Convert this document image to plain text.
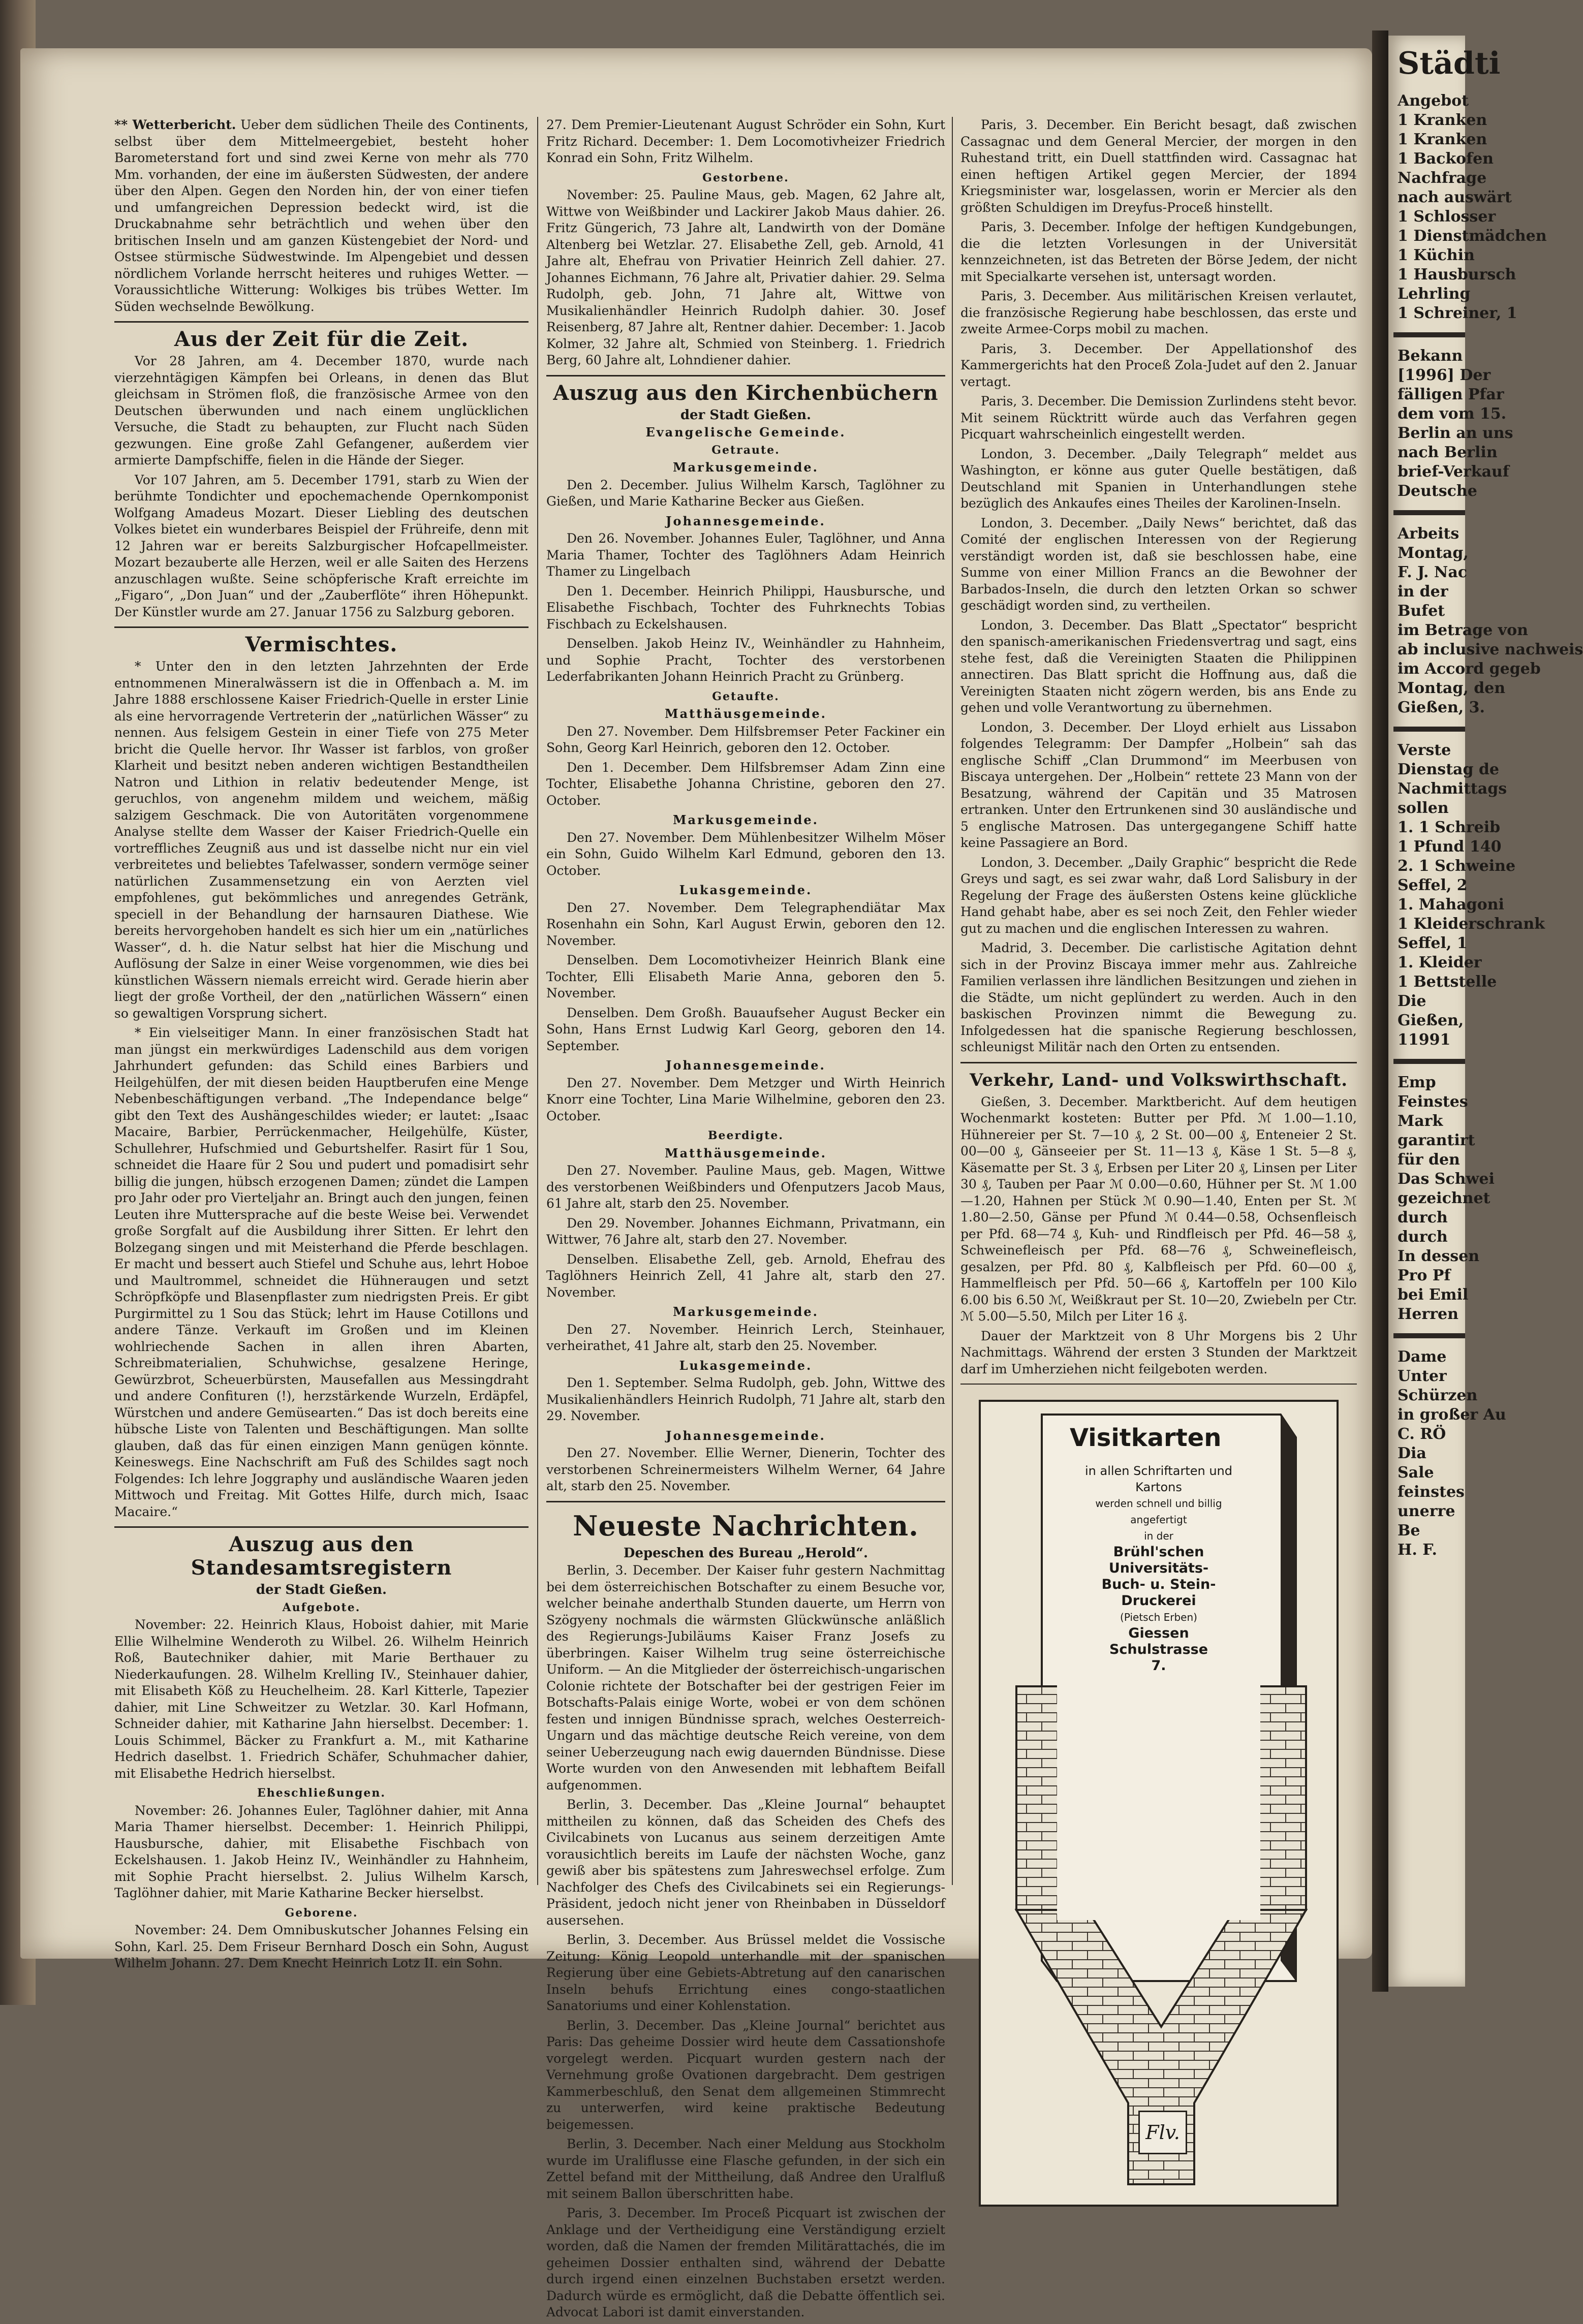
Städti
Angebot
1 Kranken
1 Kranken
1 Backofen
Nachfrage
nach auswärt
1 Schlosser
1 Dienstmädchen
1 Küchin
1 Hausbursch
Lehrling
1 Schreiner, 1
Bekann
[1996] Der
fälligen Pfar
dem vom 15.
Berlin an uns
nach Berlin
brief-Verkauf
Deutsche
Arbeits
Montag,
F. J. Nac
in der
Bufet
im Betrage von
ab inclusive nachweis
im Accord gegeb
Montag, den
Gießen, 3.
Verste
Dienstag de
Nachmittags
sollen
1. 1 Schreib
1 Pfund 140
2. 1 Schweine
Seffel, 2
1. Mahagoni
1 Kleiderschrank
Seffel, 1
1. Kleider
1 Bettstelle
Die
Gießen,
11991
Emp
Feinstes
Mark
garantirt
für den
Das Schwei
gezeichnet
durch
durch
In dessen
Pro Pf
bei Emil
Herren
Dame
Unter
Schürzen
in großer Au
C. RÖ
Dia
Sale
feinstes
unerre
Be
H. F.

** Wetterbericht. Ueber dem südlichen Theile des Continents, selbst über dem Mittelmeergebiet, besteht hoher Barometerstand fort und sind zwei Kerne von mehr als 770 Mm. vorhanden, der eine im äußersten Südwesten, der andere über den Alpen. Gegen den Norden hin, der von einer tiefen und umfangreichen Depression bedeckt wird, ist die Druckabnahme sehr beträchtlich und wehen über den britischen Inseln und am ganzen Küstengebiet der Nord- und Ostsee stürmische Südwestwinde. Im Alpengebiet und dessen nördlichem Vorlande herrscht heiteres und ruhiges Wetter. — Voraussichtliche Witterung: Wolkiges bis trübes Wetter. Im Süden wechselnde Bewölkung.

Aus der Zeit für die Zeit.

Vor 28 Jahren, am 4. December 1870, wurde nach vierzehntägigen Kämpfen bei Orleans, in denen das Blut gleichsam in Strömen floß, die französische Armee von den Deutschen überwunden und nach einem unglücklichen Versuche, die Stadt zu behaupten, zur Flucht nach Süden gezwungen. Eine große Zahl Gefangener, außerdem vier armierte Dampfschiffe, fielen in die Hände der Sieger.

Vor 107 Jahren, am 5. December 1791, starb zu Wien der berühmte Tondichter und epochemachende Opernkomponist Wolfgang Amadeus Mozart. Dieser Liebling des deutschen Volkes bietet ein wunderbares Beispiel der Frühreife, denn mit 12 Jahren war er bereits Salzburgischer Hofcapellmeister. Mozart bezauberte alle Herzen, weil er alle Saiten des Herzens anzuschlagen wußte. Seine schöpferische Kraft erreichte im „Figaro“, „Don Juan“ und der „Zauberflöte“ ihren Höhepunkt. Der Künstler wurde am 27. Januar 1756 zu Salzburg geboren.

Vermischtes.

* Unter den in den letzten Jahrzehnten der Erde entnommenen Mineralwässern ist die in Offenbach a. M. im Jahre 1888 erschlossene Kaiser Friedrich-Quelle in erster Linie als eine hervorragende Vertreterin der „natürlichen Wässer“ zu nennen. Aus felsigem Gestein in einer Tiefe von 275 Meter bricht die Quelle hervor. Ihr Wasser ist farblos, von großer Klarheit und besitzt neben anderen wichtigen Bestandtheilen Natron und Lithion in relativ bedeutender Menge, ist geruchlos, von angenehm mildem und weichem, mäßig salzigem Geschmack. Die von Autoritäten vorgenommene Analyse stellte dem Wasser der Kaiser Friedrich-Quelle ein vortreffliches Zeugniß aus und ist dasselbe nicht nur ein viel verbreitetes und beliebtes Tafelwasser, sondern vermöge seiner natürlichen Zusammensetzung ein von Aerzten viel empfohlenes, gut bekömmliches und anregendes Getränk, speciell in der Behandlung der harnsauren Diathese. Wie bereits hervorgehoben handelt es sich hier um ein „natürliches Wasser“, d. h. die Natur selbst hat hier die Mischung und Auflösung der Salze in einer Weise vorgenommen, wie dies bei künstlichen Wässern niemals erreicht wird. Gerade hierin aber liegt der große Vortheil, der den „natürlichen Wässern“ einen so gewaltigen Vorsprung sichert.

* Ein vielseitiger Mann. In einer französischen Stadt hat man jüngst ein merkwürdiges Ladenschild aus dem vorigen Jahrhundert gefunden: das Schild eines Barbiers und Heilgehülfen, der mit diesen beiden Hauptberufen eine Menge Nebenbeschäftigungen verband. „The Independance belge“ gibt den Text des Aushängeschildes wieder; er lautet: „Isaac Macaire, Barbier, Perrückenmacher, Heilgehülfe, Küster, Schullehrer, Hufschmied und Geburtshelfer. Rasirt für 1 Sou, schneidet die Haare für 2 Sou und pudert und pomadisirt sehr billig die jungen, hübsch erzogenen Damen; zündet die Lampen pro Jahr oder pro Vierteljahr an. Bringt auch den jungen, feinen Leuten ihre Muttersprache auf die beste Weise bei. Verwendet große Sorgfalt auf die Ausbildung ihrer Sitten. Er lehrt den Bolzegang singen und mit Meisterhand die Pferde beschlagen. Er macht und bessert auch Stiefel und Schuhe aus, lehrt Hoboe und Maultrommel, schneidet die Hühneraugen und setzt Schröpfköpfe und Blasenpflaster zum niedrigsten Preis. Er gibt Purgirmittel zu 1 Sou das Stück; lehrt im Hause Cotillons und andere Tänze. Verkauft im Großen und im Kleinen wohlriechende Sachen in allen ihren Abarten, Schreibmaterialien, Schuhwichse, gesalzene Heringe, Gewürzbrot, Scheuerbürsten, Mausefallen aus Messingdraht und andere Confituren (!), herzstärkende Wurzeln, Erdäpfel, Würstchen und andere Gemüsearten.“ Das ist doch bereits eine hübsche Liste von Talenten und Beschäftigungen. Man sollte glauben, daß das für einen einzigen Mann genügen könnte. Keineswegs. Eine Nachschrift am Fuß des Schildes sagt noch Folgendes: Ich lehre Joggraphy und ausländische Waaren jeden Mittwoch und Freitag. Mit Gottes Hilfe, durch mich, Isaac Macaire.“

Auszug aus den Standesamtsregistern
der Stadt Gießen.
Aufgebote.

November: 22. Heinrich Klaus, Hoboist dahier, mit Marie Ellie Wilhelmine Wenderoth zu Wilbel. 26. Wilhelm Heinrich Roß, Bautechniker dahier, mit Marie Berthauer zu Niederkaufungen. 28. Wilhelm Krelling IV., Steinhauer dahier, mit Elisabeth Köß zu Heuchelheim. 28. Karl Kitterle, Tapezier dahier, mit Line Schweitzer zu Wetzlar. 30. Karl Hofmann, Schneider dahier, mit Katharine Jahn hierselbst. December: 1. Louis Schimmel, Bäcker zu Frankfurt a. M., mit Katharine Hedrich daselbst. 1. Friedrich Schäfer, Schuhmacher dahier, mit Elisabethe Hedrich hierselbst.

Eheschließungen.

November: 26. Johannes Euler, Taglöhner dahier, mit Anna Maria Thamer hierselbst. December: 1. Heinrich Philippi, Hausbursche, dahier, mit Elisabethe Fischbach von Eckelshausen. 1. Jakob Heinz IV., Weinhändler zu Hahnheim, mit Sophie Pracht hierselbst. 2. Julius Wilhelm Karsch, Taglöhner dahier, mit Marie Katharine Becker hierselbst.

Geborene.

November: 24. Dem Omnibuskutscher Johannes Felsing ein Sohn, Karl. 25. Dem Friseur Bernhard Dosch ein Sohn, August Wilhelm Johann. 27. Dem Knecht Heinrich Lotz II. ein Sohn.

27. Dem Premier-Lieutenant August Schröder ein Sohn, Kurt Fritz Richard. December: 1. Dem Locomotivheizer Friedrich Konrad ein Sohn, Fritz Wilhelm.

Gestorbene.

November: 25. Pauline Maus, geb. Magen, 62 Jahre alt, Wittwe von Weißbinder und Lackirer Jakob Maus dahier. 26. Fritz Güngerich, 73 Jahre alt, Landwirth von der Domäne Altenberg bei Wetzlar. 27. Elisabethe Zell, geb. Arnold, 41 Jahre alt, Ehefrau von Privatier Heinrich Zell dahier. 27. Johannes Eichmann, 76 Jahre alt, Privatier dahier. 29. Selma Rudolph, geb. John, 71 Jahre alt, Wittwe von Musikalienhändler Heinrich Rudolph dahier. 30. Josef Reisenberg, 87 Jahre alt, Rentner dahier. December: 1. Jacob Kolmer, 32 Jahre alt, Schmied von Steinberg. 1. Friedrich Berg, 60 Jahre alt, Lohndiener dahier.

Auszug aus den Kirchenbüchern
der Stadt Gießen.
Evangelische Gemeinde.
Getraute.
Markusgemeinde.

Den 2. December. Julius Wilhelm Karsch, Taglöhner zu Gießen, und Marie Katharine Becker aus Gießen.

Johannesgemeinde.

Den 26. November. Johannes Euler, Taglöhner, und Anna Maria Thamer, Tochter des Taglöhners Adam Heinrich Thamer zu Lingelbach

Den 1. December. Heinrich Philippi, Hausbursche, und Elisabethe Fischbach, Tochter des Fuhrknechts Tobias Fischbach zu Eckelshausen.

Denselben. Jakob Heinz IV., Weinhändler zu Hahnheim, und Sophie Pracht, Tochter des verstorbenen Lederfabrikanten Johann Heinrich Pracht zu Grünberg.

Getaufte.
Matthäusgemeinde.

Den 27. November. Dem Hilfsbremser Peter Fackiner ein Sohn, Georg Karl Heinrich, geboren den 12. October.

Den 1. December. Dem Hilfsbremser Adam Zinn eine Tochter, Elisabethe Johanna Christine, geboren den 27. October.

Markusgemeinde.

Den 27. November. Dem Mühlenbesitzer Wilhelm Möser ein Sohn, Guido Wilhelm Karl Edmund, geboren den 13. October.

Lukasgemeinde.

Den 27. November. Dem Telegraphendiätar Max Rosenhahn ein Sohn, Karl August Erwin, geboren den 12. November.

Denselben. Dem Locomotivheizer Heinrich Blank eine Tochter, Elli Elisabeth Marie Anna, geboren den 5. November.

Denselben. Dem Großh. Bauaufseher August Becker ein Sohn, Hans Ernst Ludwig Karl Georg, geboren den 14. September.

Johannesgemeinde.

Den 27. November. Dem Metzger und Wirth Heinrich Knorr eine Tochter, Lina Marie Wilhelmine, geboren den 23. October.

Beerdigte.
Matthäusgemeinde.

Den 27. November. Pauline Maus, geb. Magen, Wittwe des verstorbenen Weißbinders und Ofenputzers Jacob Maus, 61 Jahre alt, starb den 25. November.

Den 29. November. Johannes Eichmann, Privatmann, ein Wittwer, 76 Jahre alt, starb den 27. November.

Denselben. Elisabethe Zell, geb. Arnold, Ehefrau des Taglöhners Heinrich Zell, 41 Jahre alt, starb den 27. November.

Markusgemeinde.

Den 27. November. Heinrich Lerch, Steinhauer, verheirathet, 41 Jahre alt, starb den 25. November.

Lukasgemeinde.

Den 1. September. Selma Rudolph, geb. John, Wittwe des Musikalienhändlers Heinrich Rudolph, 71 Jahre alt, starb den 29. November.

Johannesgemeinde.

Den 27. November. Ellie Werner, Dienerin, Tochter des verstorbenen Schreinermeisters Wilhelm Werner, 64 Jahre alt, starb den 25. November.

Neueste Nachrichten.
Depeschen des Bureau „Herold“.

Berlin, 3. December. Der Kaiser fuhr gestern Nachmittag bei dem österreichischen Botschafter zu einem Besuche vor, welcher beinahe anderthalb Stunden dauerte, um Herrn von Szögyeny nochmals die wärmsten Glückwünsche anläßlich des Regierungs-Jubiläums Kaiser Franz Josefs zu überbringen. Kaiser Wilhelm trug seine österreichische Uniform. — An die Mitglieder der österreichisch-ungarischen Colonie richtete der Botschafter bei der gestrigen Feier im Botschafts-Palais einige Worte, wobei er von dem schönen festen und innigen Bündnisse sprach, welches Oesterreich-Ungarn und das mächtige deutsche Reich vereine, von dem seiner Ueberzeugung nach ewig dauernden Bündnisse. Diese Worte wurden von den Anwesenden mit lebhaftem Beifall aufgenommen.

Berlin, 3. December. Das „Kleine Journal“ behauptet mittheilen zu können, daß das Scheiden des Chefs des Civilcabinets von Lucanus aus seinem derzeitigen Amte vorausichtlich bereits im Laufe der nächsten Woche, ganz gewiß aber bis spätestens zum Jahreswechsel erfolge. Zum Nachfolger des Chefs des Civilcabinets sei ein Regierungs-Präsident, jedoch nicht jener von Rheinbaben in Düsseldorf ausersehen.

Berlin, 3. December. Aus Brüssel meldet die Vossische Zeitung: König Leopold unterhandle mit der spanischen Regierung über eine Gebiets-Abtretung auf den canarischen Inseln behufs Errichtung eines congo-staatlichen Sanatoriums und einer Kohlenstation.

Berlin, 3. December. Das „Kleine Journal“ berichtet aus Paris: Das geheime Dossier wird heute dem Cassationshofe vorgelegt werden. Picquart wurden gestern nach der Vernehmung große Ovationen dargebracht. Dem gestrigen Kammerbeschluß, den Senat dem allgemeinen Stimmrecht zu unterwerfen, wird keine praktische Bedeutung beigemessen.

Berlin, 3. December. Nach einer Meldung aus Stockholm wurde im Uraliflusse eine Flasche gefunden, in der sich ein Zettel befand mit der Mittheilung, daß Andree den Uralfluß mit seinem Ballon überschritten habe.

Paris, 3. December. Im Proceß Picquart ist zwischen der Anklage und der Vertheidigung eine Verständigung erzielt worden, daß die Namen der fremden Militärattachés, die im geheimen Dossier enthalten sind, während der Debatte durch irgend einen einzelnen Buchstaben ersetzt werden. Dadurch würde es ermöglicht, daß die Debatte öffentlich sei. Advocat Labori ist damit einverstanden.

Paris, 3. December. Ein Bericht besagt, daß zwischen Cassagnac und dem General Mercier, der morgen in den Ruhestand tritt, ein Duell stattfinden wird. Cassagnac hat einen heftigen Artikel gegen Mercier, der 1894 Kriegsminister war, losgelassen, worin er Mercier als den größten Schuldigen im Dreyfus-Proceß hinstellt.

Paris, 3. December. Infolge der heftigen Kundgebungen, die die letzten Vorlesungen in der Universität kennzeichneten, ist das Betreten der Börse Jedem, der nicht mit Specialkarte versehen ist, untersagt worden.

Paris, 3. December. Aus militärischen Kreisen verlautet, die französische Regierung habe beschlossen, das erste und zweite Armee-Corps mobil zu machen.

Paris, 3. December. Der Appellationshof des Kammergerichts hat den Proceß Zola-Judet auf den 2. Januar vertagt.

Paris, 3. December. Die Demission Zurlindens steht bevor. Mit seinem Rücktritt würde auch das Verfahren gegen Picquart wahrscheinlich eingestellt werden.

London, 3. December. „Daily Telegraph“ meldet aus Washington, er könne aus guter Quelle bestätigen, daß Deutschland mit Spanien in Unterhandlungen stehe bezüglich des Ankaufes eines Theiles der Karolinen-Inseln.

London, 3. December. „Daily News“ berichtet, daß das Comité der englischen Interessen von der Regierung verständigt worden ist, daß sie beschlossen habe, eine Summe von einer Million Francs an die Bewohner der Barbados-Inseln, die durch den letzten Orkan so schwer geschädigt worden sind, zu vertheilen.

London, 3. December. Das Blatt „Spectator“ bespricht den spanisch-amerikanischen Friedensvertrag und sagt, eins stehe fest, daß die Vereinigten Staaten die Philippinen annectiren. Das Blatt spricht die Hoffnung aus, daß die Vereinigten Staaten nicht zögern werden, bis ans Ende zu gehen und volle Verantwortung zu übernehmen.

London, 3. December. Der Lloyd erhielt aus Lissabon folgendes Telegramm: Der Dampfer „Holbein“ sah das englische Schiff „Clan Drummond“ im Meerbusen von Biscaya untergehen. Der „Holbein“ rettete 23 Mann von der Besatzung, während der Capitän und 35 Matrosen ertranken. Unter den Ertrunkenen sind 30 ausländische und 5 englische Matrosen. Das untergegangene Schiff hatte keine Passagiere an Bord.

London, 3. December. „Daily Graphic“ bespricht die Rede Greys und sagt, es sei zwar wahr, daß Lord Salisbury in der Regelung der Frage des äußersten Ostens keine glückliche Hand gehabt habe, aber es sei noch Zeit, den Fehler wieder gut zu machen und die englischen Interessen zu wahren.

Madrid, 3. December. Die carlistische Agitation dehnt sich in der Provinz Biscaya immer mehr aus. Zahlreiche Familien verlassen ihre ländlichen Besitzungen und ziehen in die Städte, um nicht geplündert zu werden. Auch in den baskischen Provinzen nimmt die Bewegung zu. Infolgedessen hat die spanische Regierung beschlossen, schleunigst Militär nach den Orten zu entsenden.

Verkehr, Land- und Volkswirthschaft.

Gießen, 3. December. Marktbericht. Auf dem heutigen Wochenmarkt kosteten: Butter per Pfd. ℳ 1.00—1.10, Hühnereier per St. 7—10 ₰, 2 St. 00—00 ₰, Enteneier 2 St. 00—00 ₰, Gänseeier per St. 11—13 ₰, Käse 1 St. 5—8 ₰, Käsematte per St. 3 ₰, Erbsen per Liter 20 ₰, Linsen per Liter 30 ₰, Tauben per Paar ℳ 0.00—0.60, Hühner per St. ℳ 1.00—1.20, Hahnen per Stück ℳ 0.90—1.40, Enten per St. ℳ 1.80—2.50, Gänse per Pfund ℳ 0.44—0.58, Ochsenfleisch per Pfd. 68—74 ₰, Kuh- und Rindfleisch per Pfd. 46—58 ₰, Schweinefleisch per Pfd. 68—76 ₰, Schweinefleisch, gesalzen, per Pfd. 80 ₰, Kalbfleisch per Pfd. 60—00 ₰, Hammelfleisch per Pfd. 50—66 ₰, Kartoffeln per 100 Kilo 6.00 bis 6.50 ℳ, Weißkraut per St. 10—20, Zwiebeln per Ctr. ℳ 5.00—5.50, Milch per Liter 16 ₰.

Dauer der Marktzeit von 8 Uhr Morgens bis 2 Uhr Nachmittags. Während der ersten 3 Stunden der Marktzeit darf im Umherziehen nicht feilgeboten werden.

Visitkarten
in allen Schriftarten und
Kartons
werden schnell und billig
angefertigt
in der
Brühl'schen
Universitäts-
Buch- u. Stein-
Druckerei
(Pietsch Erben)
Giessen
Schulstrasse
7.
Flv.
